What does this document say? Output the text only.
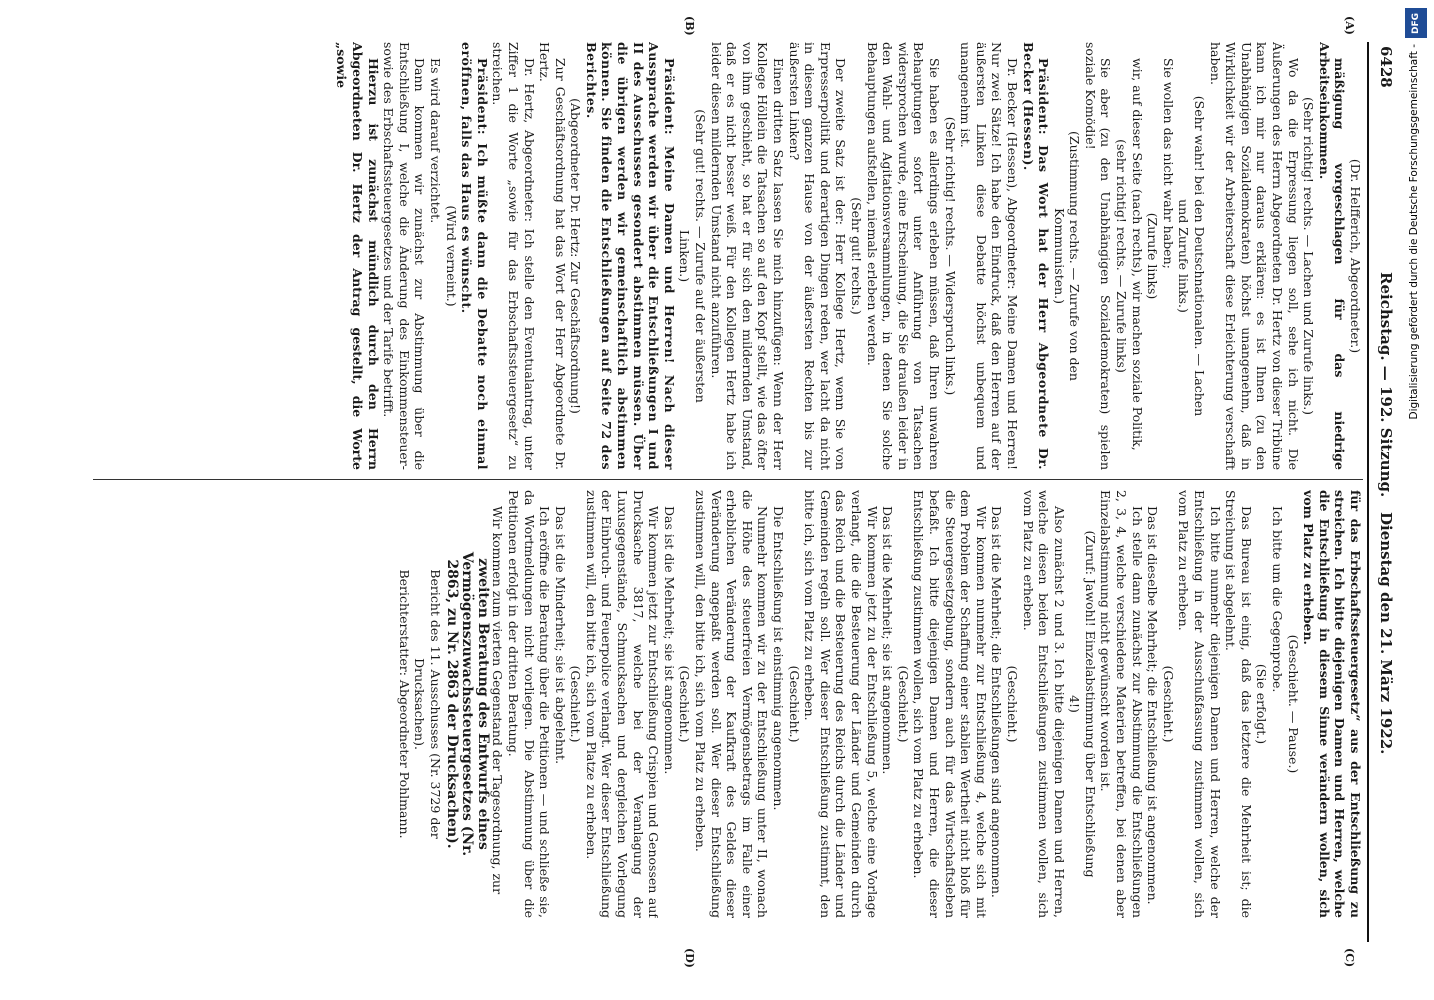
6428
Reichstag. — 192. Sitzung.
Dienstag den 21. März 1922.
(A)
(B)
(C)
(D)

(Dr. Helfferich, Abgeordneter.)

mäßigung vorgeschlagen für das niedrige Arbeitseinkommen.

(Sehr richtig! rechts. — Lachen und Zurufe links.)

Wo da die Erpressung liegen soll, sehe ich nicht. Die Äußerungen des Herrn Abgeordneten Dr. Hertz von dieser Tribüne kann ich mir nur daraus erklären: es ist Ihnen (zu den Unabhängigen Sozialdemokraten) höchst unangenehm, daß in Wirklichkeit wir der Arbeiterschaft diese Erleichterung verschafft haben.

(Sehr wahr! bei den Deutschnationalen. — Lachen und Zurufe links.)

Sie wollen das nicht wahr haben;

(Zurufe links)

wir, auf dieser Seite (nach rechts), wir machen soziale Politik,

(sehr richtig! rechts. — Zurufe links)

Sie aber (zu den Unabhängigen Sozialdemokraten) spielen soziale Komödie!

(Zustimmung rechts. — Zurufe von den Kommunisten.)

Präsident: Das Wort hat der Herr Abgeordnete Dr. Becker (Hessen).

Dr. Becker (Hessen), Abgeordneter: Meine Damen und Herren! Nur zwei Sätze! Ich habe den Eindruck, daß den Herren auf der äußersten Linken diese Debatte höchst unbequem und unangenehm ist.

(Sehr richtig! rechts. — Widerspruch links.)

Sie haben es allerdings erleben müssen, daß Ihren unwahren Behauptungen sofort unter Anführung von Tatsachen widersprochen wurde, eine Erscheinung, die Sie draußen leider in den Wahl- und Agitationsversammlungen, in denen Sie solche Behauptungen aufstellen, niemals erleben werden.

(Sehr gut! rechts.)

Der zweite Satz ist der: Herr Kollege Hertz, wenn Sie von Erpresserpolitik und derartigen Dingen reden, wer lacht da nicht in diesem ganzen Hause von der äußersten Rechten bis zur äußersten Linken?

Einen dritten Satz lassen Sie mich hinzufügen: Wenn der Herr Kollege Höllein die Tatsachen so auf den Kopf stellt, wie das öfter von ihm geschieht, so hat er für sich den mildernden Umstand, daß er es nicht besser weiß. Für den Kollegen Hertz habe ich leider diesen mildernden Umstand nicht anzuführen.

(Sehr gut! rechts. — Zurufe auf der äußersten Linken.)

Präsident: Meine Damen und Herren! Nach dieser Aussprache werden wir über die Entschließungen I und II des Ausschusses gesondert abstimmen müssen. Über die übrigen werden wir gemeinschaftlich abstimmen können. Sie finden die Entschließungen auf Seite 72 des Berichtes.

(Abgeordneter Dr. Hertz: Zur Geschäftsordnung!)

Zur Geschäftsordnung hat das Wort der Herr Abgeordnete Dr. Hertz.

Dr. Hertz, Abgeordneter: Ich stelle den Eventualantrag, unter Ziffer 1 die Worte „sowie für das Erbschaftssteuergesetz“ zu streichen.

Präsident: Ich müßte dann die Debatte noch einmal eröffnen, falls das Haus es wünscht.

(Wird verneint.)

Es wird darauf verzichtet.

Dann kommen wir zunächst zur Abstimmung über die Entschließung I, welche die Änderung des Einkommensteuer- sowie des Erbschaftssteuergesetzes und der Tarife betrifft.

Hierzu ist zunächst mündlich durch den Herrn Abgeordneten Dr. Hertz der Antrag gestellt, die Worte „sowie

für das Erbschaftssteuergesetz“ aus der Entschließung zu streichen. Ich bitte diejenigen Damen und Herren, welche die Entschließung in diesem Sinne verändern wollen, sich vom Platz zu erheben.

(Geschieht. — Pause.)

Ich bitte um die Gegenprobe.

(Sie erfolgt.)

Das Bureau ist einig, daß das letztere die Mehrheit ist; die Streichung ist abgelehnt.

Ich bitte nunmehr diejenigen Damen und Herren, welche der Entschließung in der Ausschußfassung zustimmen wollen, sich vom Platz zu erheben.

(Geschieht.)

Das ist dieselbe Mehrheit; die Entschließung ist angenommen.

Ich stelle dann zunächst zur Abstimmung die Entschließungen 2, 3, 4, welche verschiedene Materien betreffen, bei denen aber Einzelabstimmung nicht gewünscht worden ist.

(Zuruf: Jawohl! Einzelabstimmung über Entschließung 4!)

Also zunächst 2 und 3. Ich bitte diejenigen Damen und Herren, welche diesen beiden Entschließungen zustimmen wollen, sich vom Platz zu erheben.

(Geschieht.)

Das ist die Mehrheit; die Entschließungen sind angenommen.

Wir kommen nunmehr zur Entschließung 4, welche sich mit dem Problem der Schaffung einer stabilen Wertheit nicht bloß für die Steuergesetzgebung, sondern auch für das Wirtschaftsleben befaßt. Ich bitte diejenigen Damen und Herren, die dieser Entschließung zustimmen wollen, sich vom Platz zu erheben.

(Geschieht.)

Das ist die Mehrheit; sie ist angenommen.

Wir kommen jetzt zu der Entschließung 5, welche eine Vorlage verlangt, die die Besteuerung der Länder und Gemeinden durch das Reich und die Besteuerung des Reichs durch die Länder und Gemeinden regeln soll. Wer dieser Entschließung zustimmt, den bitte ich, sich vom Platz zu erheben.

(Geschieht.)

Die Entschließung ist einstimmig angenommen.

Nunmehr kommen wir zu der Entschließung unter II, wonach die Höhe des steuerfreien Vermögensbetrags im Falle einer erheblichen Veränderung der Kaufkraft des Geldes dieser Veränderung angepaßt werden soll. Wer dieser Entschließung zustimmen will, den bitte ich, sich vom Platz zu erheben.

(Geschieht.)

Das ist die Mehrheit; sie ist angenommen.

Wir kommen jetzt zur Entschließung Crispien und Genossen auf Drucksache 3817, welche bei der Veranlagung der Luxusgegenstände, Schmucksachen und dergleichen Vorlegung der Einbruch- und Feuerpolice verlangt. Wer dieser Entschließung zustimmen will, den bitte ich, sich vom Platze zu erheben.

(Geschieht.)

Das ist die Minderheit; sie ist abgelehnt.

Ich eröffne die Beratung über die Petitionen — und schließe sie, da Wortmeldungen nicht vorliegen. Die Abstimmung über die Petitionen erfolgt in der dritten Beratung.

Wir kommen zum vierten Gegenstand der Tagesordnung, zur

zweiten Beratung des Entwurfs eines Vermögenszuwachssteuergesetzes (Nr. 2863, zu Nr. 2863 der Drucksachen).

Bericht des 11. Ausschusses (Nr. 3729 der Drucksachen).

Berichterstatter: Abgeordneter Pohlmann.

DFG
Digitalisierung gefördert durch die Deutsche Forschungsgemeinschaft -
